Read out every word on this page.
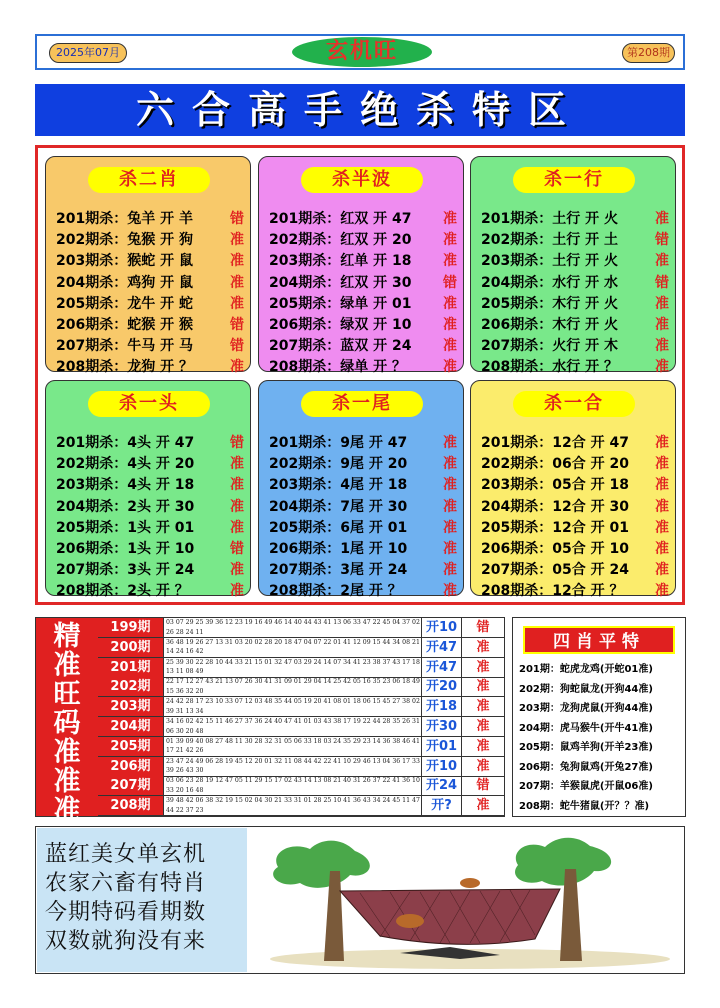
2025年07月	玄机旺	第208期
六合高手绝杀特区
杀二肖
201期杀：兔羊 开 羊	错
202期杀：兔猴 开 狗	准
203期杀：猴蛇 开 鼠	准
204期杀：鸡狗 开 鼠	准
205期杀：龙牛 开 蛇	准
206期杀：蛇猴 开 猴	错
207期杀：牛马 开 马	错
208期杀：龙狗 开 ？	准
杀半波
201期杀：红双 开 47 准
202期杀：红双 开 20 准
203期杀：红单 开 18 准
204期杀：红双 开 30 错
205期杀：绿单 开 01 准
206期杀：绿双 开 10 准
207期杀：蓝双 开 24 准
208期杀：绿单 开 ？	准
杀一行
201期杀：土行 开 火	准
202期杀：土行 开 土	错
203期杀：土行 开 火	准
204期杀：水行 开 水	错
205期杀：木行 开 火	准
206期杀：木行 开 火	准
207期杀：火行 开 木	准
208期杀：水行 开 ？	准
杀一头
201期杀：4头 开 47	错
202期杀：4头 开 20	准
203期杀：4头 开 18	准
204期杀：2头 开 30	准
205期杀：1头 开 01	准
206期杀：1头 开 10	错
207期杀：3头 开 24	准
208期杀：2头 开 ？	准
杀一尾
201期杀：9尾 开 47	准
202期杀：9尾 开 20	准
203期杀：4尾 开 18	准
204期杀：7尾 开 30	准
205期杀：6尾 开 01	准
206期杀：1尾 开 10	准
207期杀：3尾 开 24	准
208期杀：2尾 开 ？	准
杀一合
201期杀：12合 开 47 准
202期杀：06合 开 20 准
203期杀：05合 开 18 准
204期杀：12合 开 30 准
205期杀：12合 开 01 准
206期杀：05合 开 10 准
207期杀：05合 开 24 准
208期杀：12合 开 ？ 准
精
准
旺
码
准
准
准
199期	03 07 29 25 39 36 12 23 19 16 49 46 14 40 44 43 41 13 06 33 47 22 45 04 37 02 26 28 24 11	开10	错
200期	36 48 19 26 27 13 31 03 20 02 28 20 18 47 04 07 22 01 41 12 09 15 44 34 08 21 14 24 16 42	开47	准
201期	25 39 30 22 28 10 44 33 21 15 01 32 47 03 29 24 14 07 34 41 23 38 37 43 17 18 13 11 08 49	开47	准
202期	22 17 12 27 43 21 13 07 26 30 41 31 09 01 29 04 14 25 42 05 16 35 23 06 18 49 15 36 32 20	开20	准
203期	24 42 28 17 23 10 33 07 12 03 48 35 44 05 19 20 41 08 01 18 06 15 45 27 38 02 39 31 13 34	开18	准
204期	34 16 02 42 15 11 46 27 37 36 24 40 47 41 01 03 43 38 17 19 22 44 28 35 26 31 06 30 20 48	开30	准
205期	01 39 09 40 08 27 48 11 30 28 32 31 05 06 33 18 03 24 35 29 23 14 36 38 46 41 17 21 42 26	开01	准
206期	23 47 24 49 06 28 19 45 12 20 01 32 11 08 44 42 22 41 10 29 46 13 04 36 17 33 39 26 43 30	开10	准
207期	03 06 23 28 19 12 47 05 11 29 15 17 02 43 14 13 08 21 40 31 26 37 22 41 36 10 33 20 16 48	开24	错
208期	39 48 42 06 38 32 19 15 02 04 30 21 33 31 01 28 25 10 41 36 43 34 24 45 11 47 44 22 37 23	开?	准
四肖平特
201期：蛇虎龙鸡(开蛇01准)
202期：狗蛇鼠龙(开狗44准)
203期：龙狗虎鼠(开狗44准)
204期：虎马猴牛(开牛41准)
205期：鼠鸡羊狗(开羊23准)
206期：兔狗鼠鸡(开兔27准)
207期：羊猴鼠虎(开鼠06准)
208期：蛇牛猪鼠(开？？准)
蓝红美女单玄机
农家六畜有特肖
今期特码看期数
双数就狗没有来
